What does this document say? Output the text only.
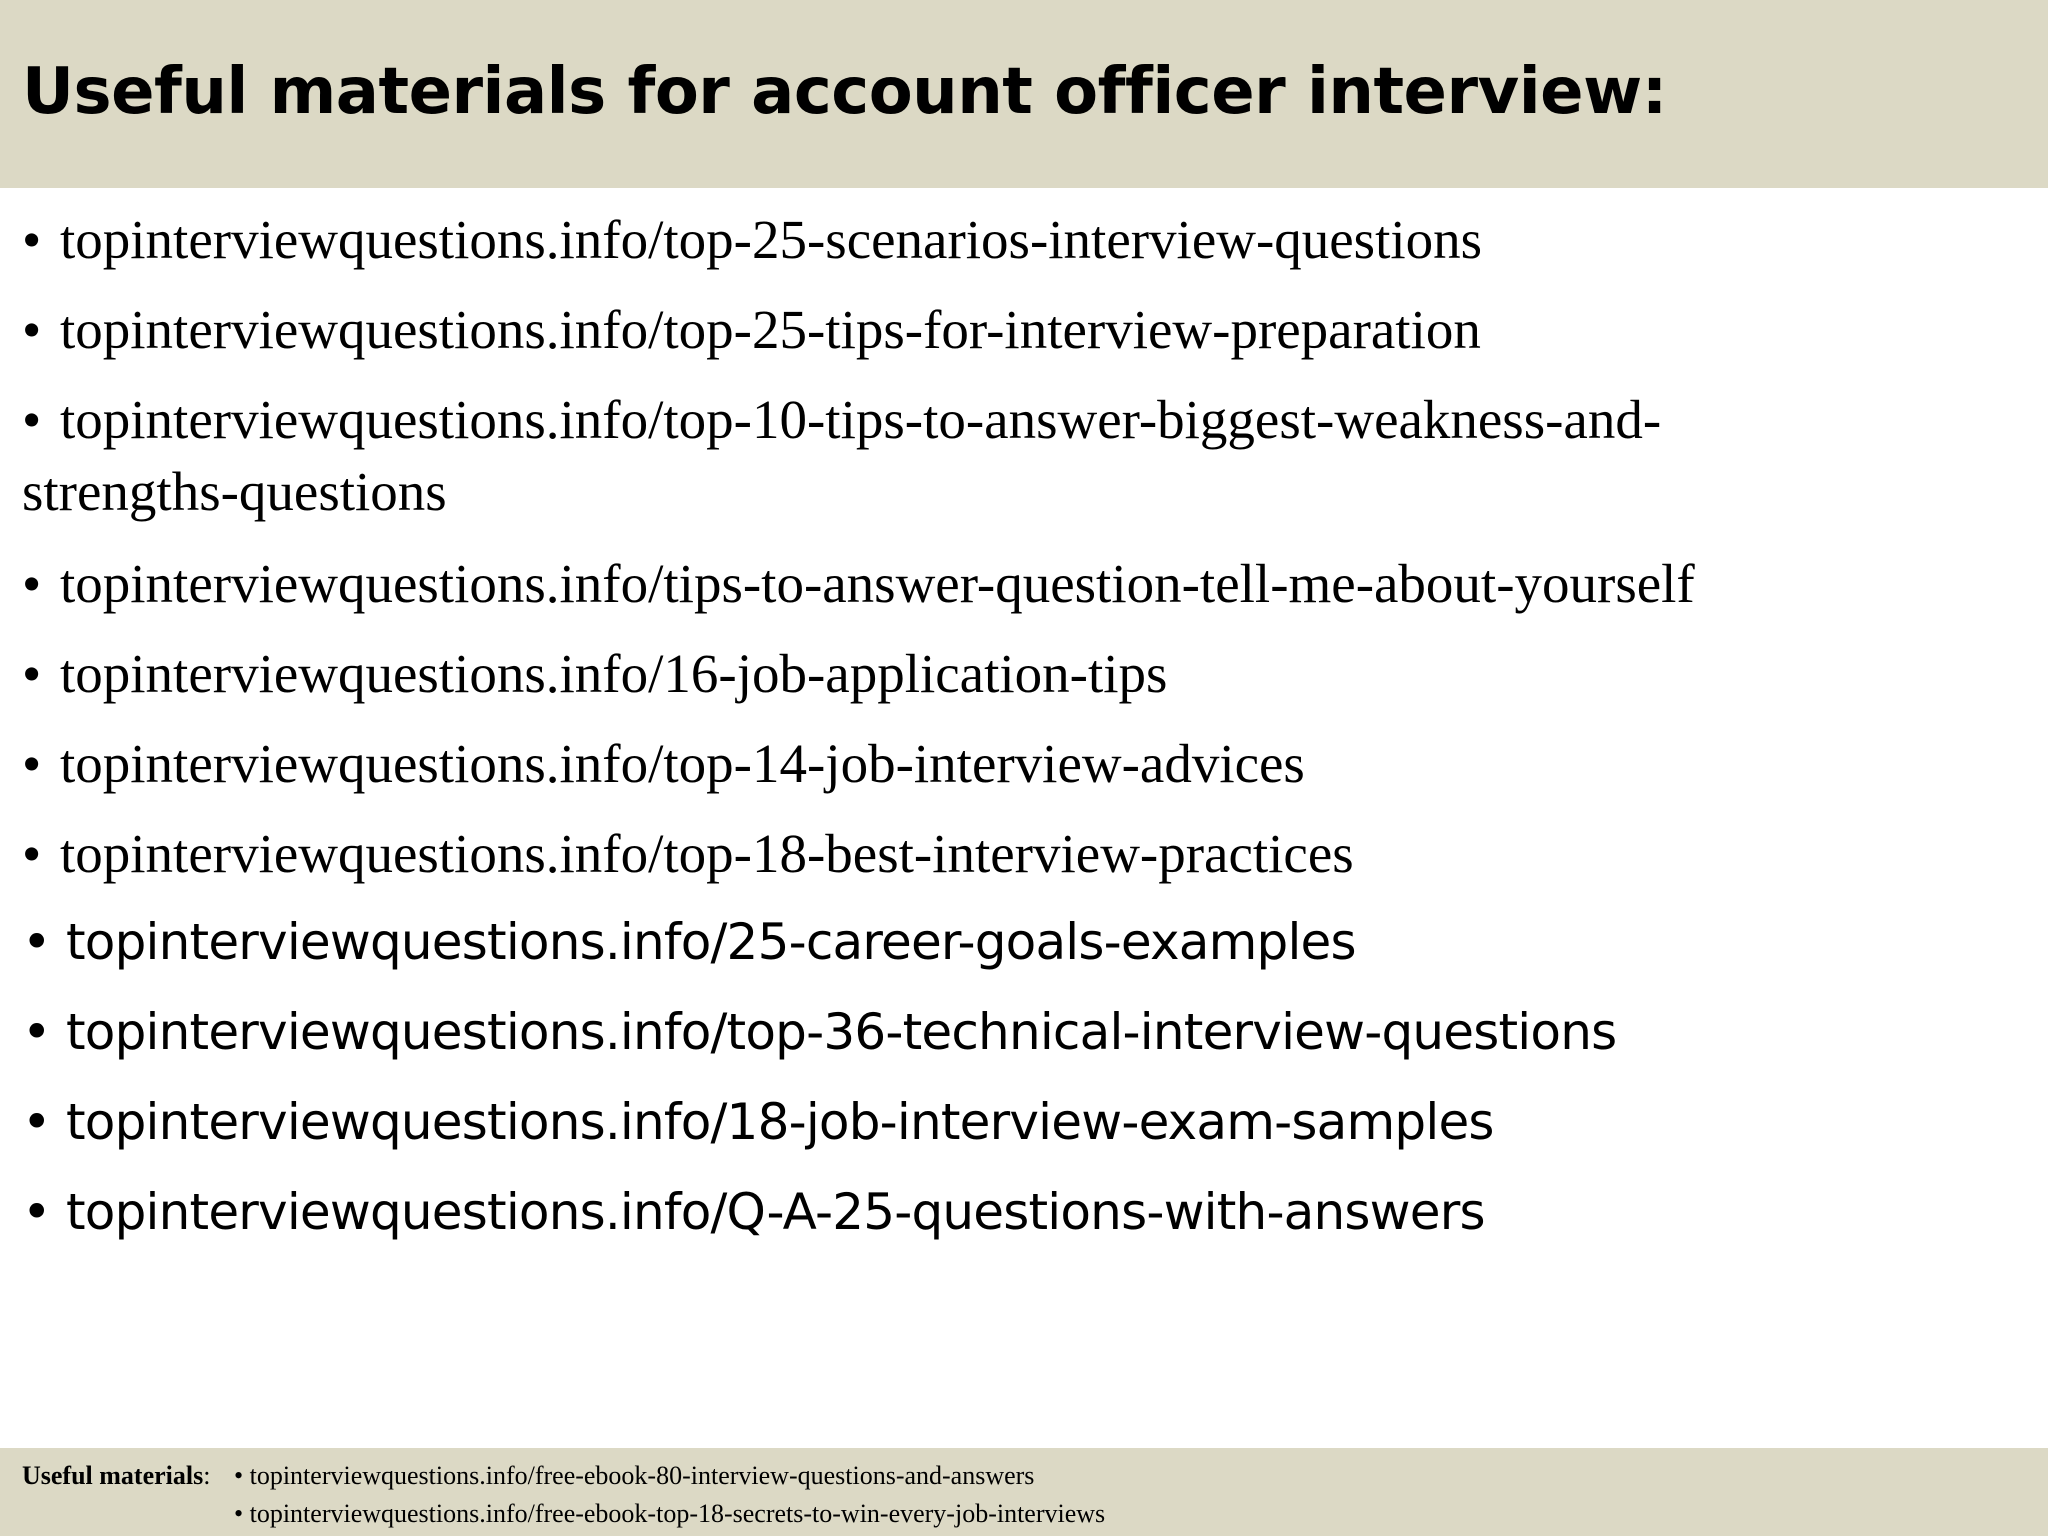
Useful materials for account officer interview:
• topinterviewquestions.info/top-25-scenarios-interview-questions
• topinterviewquestions.info/top-25-tips-for-interview-preparation
• topinterviewquestions.info/top-10-tips-to-answer-biggest-weakness-and-
strengths-questions
• topinterviewquestions.info/tips-to-answer-question-tell-me-about-yourself
• topinterviewquestions.info/16-job-application-tips
• topinterviewquestions.info/top-14-job-interview-advices
• topinterviewquestions.info/top-18-best-interview-practices
• topinterviewquestions.info/25-career-goals-examples
• topinterviewquestions.info/top-36-technical-interview-questions
• topinterviewquestions.info/18-job-interview-exam-samples
• topinterviewquestions.info/Q-A-25-questions-with-answers
Useful materials: • topinterviewquestions.info/free-ebook-80-interview-questions-and-answers
• topinterviewquestions.info/free-ebook-top-18-secrets-to-win-every-job-interviews
